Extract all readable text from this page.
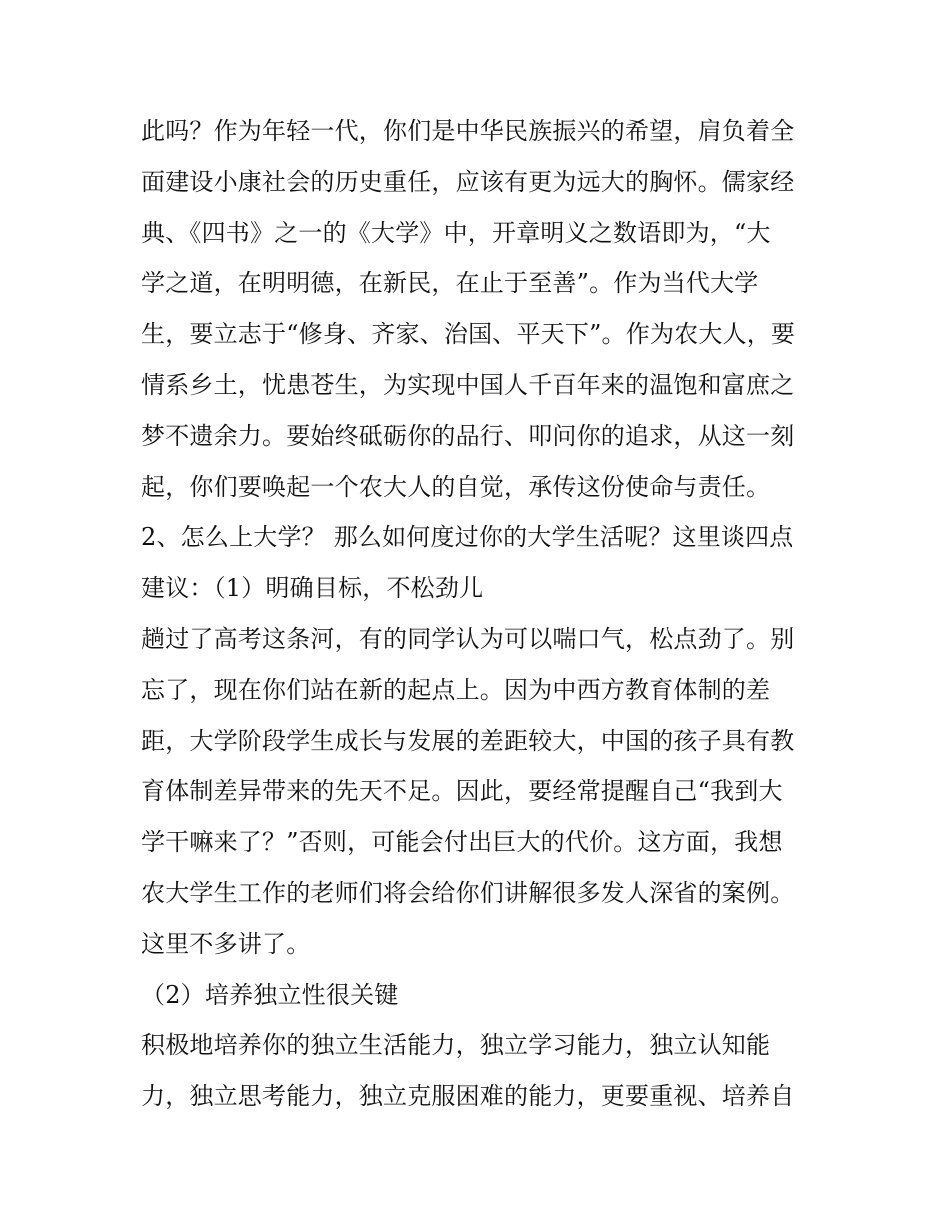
此吗？作为年轻一代，你们是中华民族振兴的希望，肩负着全
面建设小康社会的历史重任，应该有更为远大的胸怀。儒家经
典、《四书》之一的《大学》中，开章明义之数语即为，“大
学之道，在明明德，在新民，在止于至善”。作为当代大学
生，要立志于“修身、齐家、治国、平天下”。作为农大人，要
情系乡土，忧患苍生，为实现中国人千百年来的温饱和富庶之
梦不遗余力。要始终砥砺你的品行、叩问你的追求，从这一刻
起，你们要唤起一个农大人的自觉，承传这份使命与责任。
2、怎么上大学？ 那么如何度过你的大学生活呢？这里谈四点
建议：（1）明确目标，不松劲儿
趟过了高考这条河，有的同学认为可以喘口气，松点劲了。别
忘了，现在你们站在新的起点上。因为中西方教育体制的差
距，大学阶段学生成长与发展的差距较大，中国的孩子具有教
育体制差异带来的先天不足。因此，要经常提醒自己“我到大
学干嘛来了？”否则，可能会付出巨大的代价。这方面，我想
农大学生工作的老师们将会给你们讲解很多发人深省的案例。
这里不多讲了。
（2）培养独立性很关键
积极地培养你的独立生活能力，独立学习能力，独立认知能
力，独立思考能力，独立克服困难的能力，更要重视、培养自
